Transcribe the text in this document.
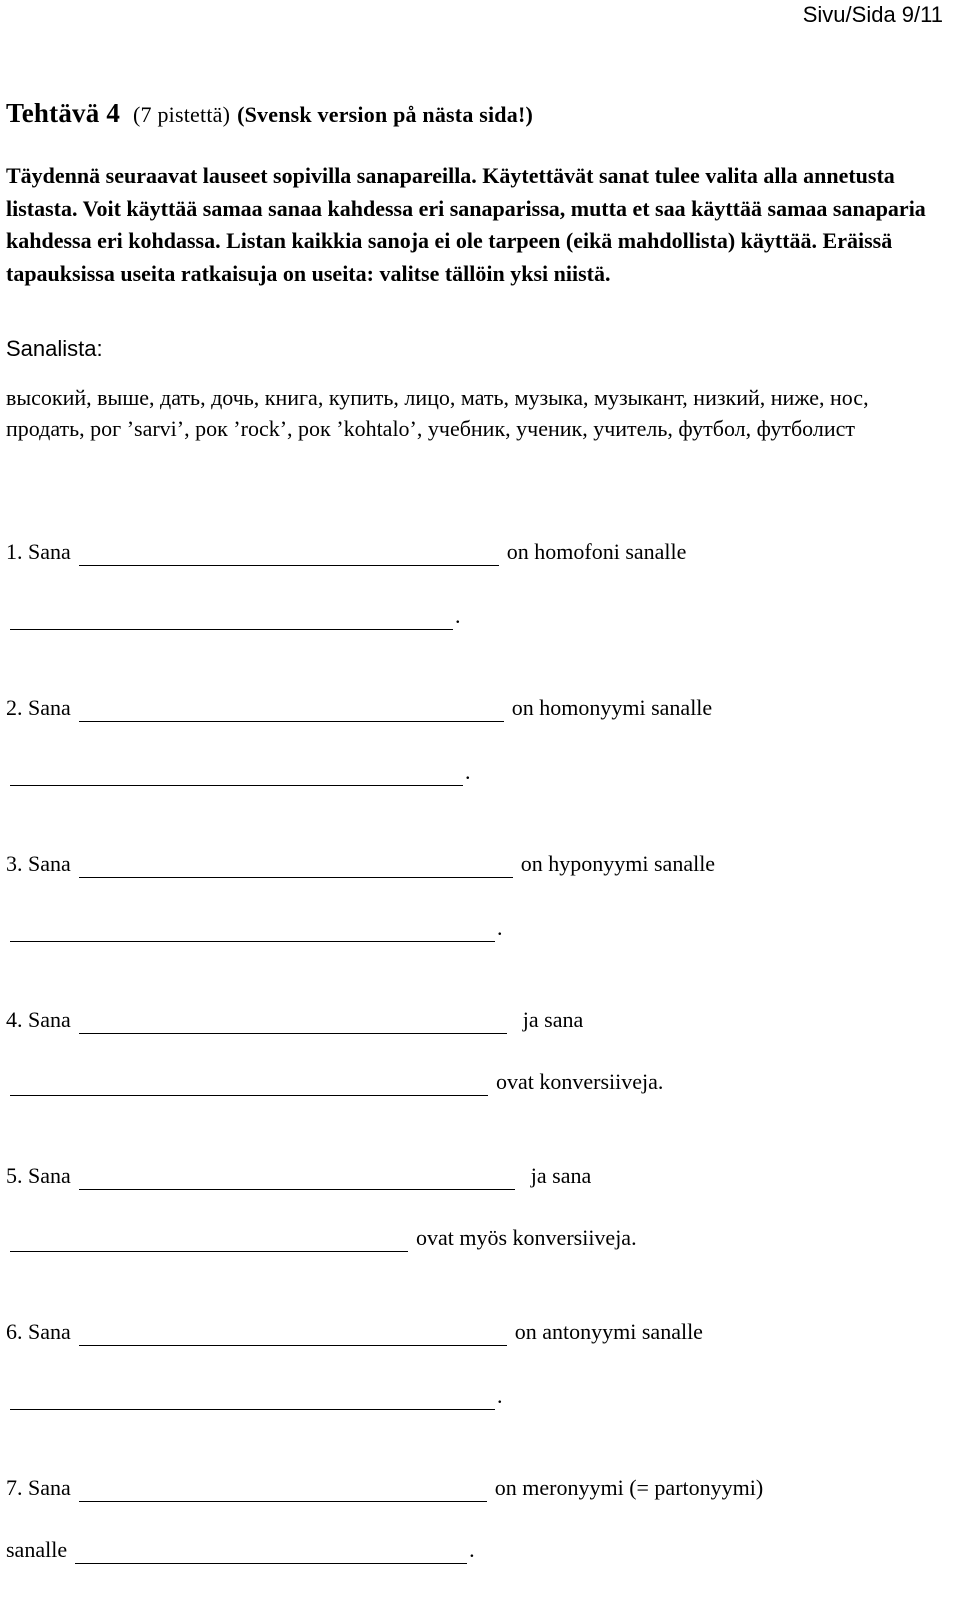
Sivu/Sida 9/11
Tehtävä 4 (7 pistettä) (Svensk version på nästa sida!)
Täydennä seuraavat lauseet sopivilla sanapareilla. Käytettävät sanat tulee valita alla annetusta listasta. Voit käyttää samaa sanaa kahdessa eri sanaparissa, mutta et saa käyttää samaa sanaparia kahdessa eri kohdassa. Listan kaikkia sanoja ei ole tarpeen (eikä mahdollista) käyttää. Eräissä tapauksissa useita ratkaisuja on useita: valitse tällöin yksi niistä.
Sanalista:
высокий, выше, дать, дочь, книга, купить, лицо, мать, музыка, музыкант, низкий, ниже, нос, продать, рог ’sarvi’, рок ’rock’, рок ’kohtalo’, учебник, ученик, учитель, футбол, футболист
1. Sana	on homofoni sanalle
.
2. Sana	on homonyymi sanalle
.
3. Sana	on hyponyymi sanalle
.
4. Sana	ja sana
ovat konversiiveja.
5. Sana	ja sana
ovat myös konversiiveja.
6. Sana	on antonyymi sanalle
.
7. Sana	on meronyymi (= partonyymi)
sanalle	.
